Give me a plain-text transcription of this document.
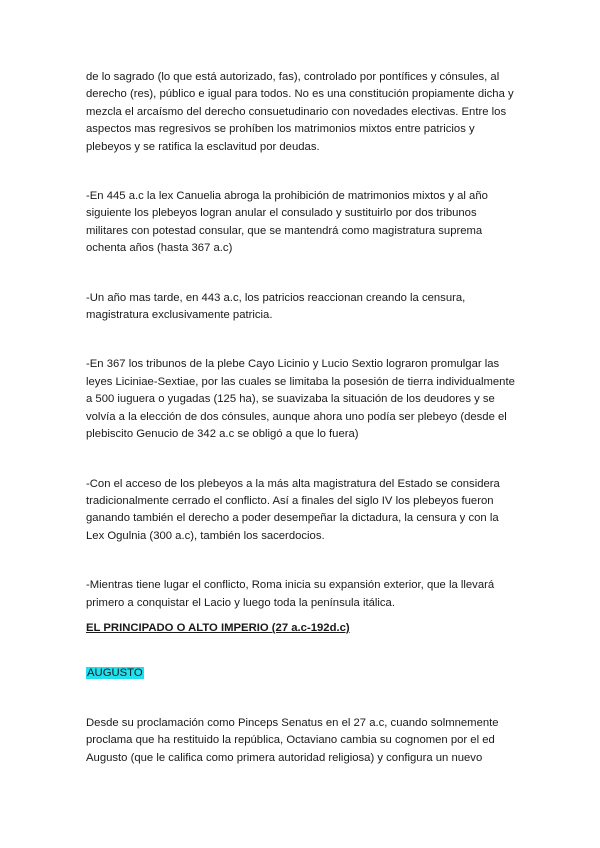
de lo sagrado (lo que está autorizado, fas), controlado por pontífices y cónsules, al derecho (res), público e igual para todos. No es una constitución propiamente dicha y mezcla el arcaísmo del derecho consuetudinario con novedades electivas. Entre los aspectos mas regresivos se prohíben los matrimonios mixtos entre patricios y plebeyos y se ratifica la esclavitud por deudas.

-En 445 a.c la lex Canuelia abroga la prohibición de matrimonios mixtos y al año siguiente los plebeyos logran anular el consulado y sustituirlo por dos tribunos militares con potestad consular, que se mantendrá como magistratura suprema ochenta años (hasta 367 a.c)

-Un año mas tarde, en 443 a.c, los patricios reaccionan creando la censura, magistratura exclusivamente patricia.

-En 367 los tribunos de la plebe Cayo Licinio y Lucio Sextio lograron promulgar las leyes Liciniae-Sextiae, por las cuales se limitaba la posesión de tierra individualmente a 500 iuguera o yugadas (125 ha), se suavizaba la situación de los deudores y se volvía a la elección de dos cónsules, aunque ahora uno podía ser plebeyo (desde el plebiscito Genucio de 342 a.c se obligó a que lo fuera)

-Con el acceso de los plebeyos a la más alta magistratura del Estado se considera tradicionalmente cerrado el conflicto. Así a finales del siglo IV los plebeyos fueron ganando también el derecho a poder desempeñar la dictadura, la censura y con la Lex Ogulnia (300 a.c), también los sacerdocios.

-Mientras tiene lugar el conflicto, Roma inicia su expansión exterior, que la llevará primero a conquistar el Lacio y luego toda la península itálica.

EL PRINCIPADO O ALTO IMPERIO (27 a.c-192d.c)

AUGUSTO

Desde su proclamación como Pinceps Senatus en el 27 a.c, cuando solmnemente proclama que ha restituido la república, Octaviano cambia su cognomen por el ed Augusto (que le califica como primera autoridad religiosa) y configura un nuevo
